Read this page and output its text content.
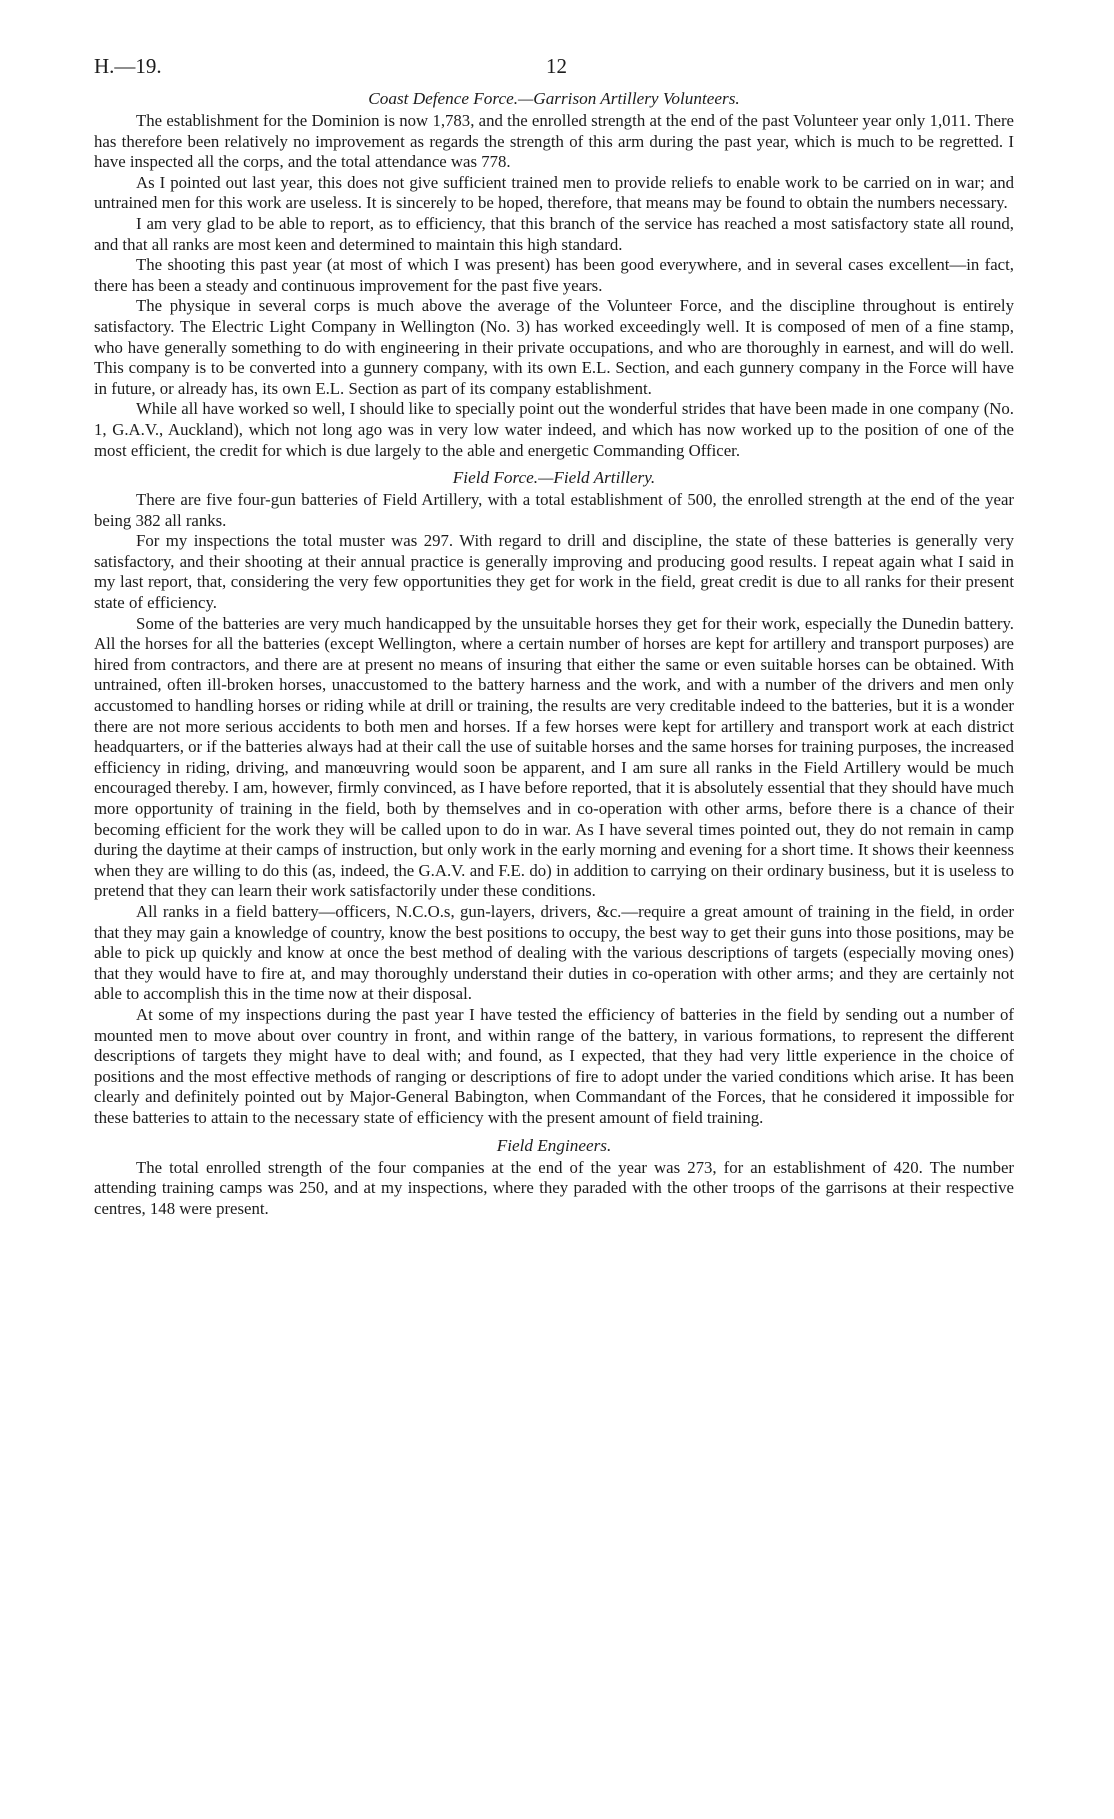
H.—19.	12
Coast Defence Force.—Garrison Artillery Volunteers.

The establishment for the Dominion is now 1,783, and the enrolled strength at the end of the past Volunteer year only 1,011. There has therefore been relatively no improvement as regards the strength of this arm during the past year, which is much to be regretted. I have inspected all the corps, and the total attendance was 778.

As I pointed out last year, this does not give sufficient trained men to provide reliefs to enable work to be carried on in war; and untrained men for this work are useless. It is sincerely to be hoped, therefore, that means may be found to obtain the numbers necessary.

I am very glad to be able to report, as to efficiency, that this branch of the service has reached a most satisfactory state all round, and that all ranks are most keen and determined to maintain this high standard.

The shooting this past year (at most of which I was present) has been good everywhere, and in several cases excellent—in fact, there has been a steady and continuous improvement for the past five years.

The physique in several corps is much above the average of the Volunteer Force, and the discipline throughout is entirely satisfactory. The Electric Light Company in Wellington (No. 3) has worked exceedingly well. It is composed of men of a fine stamp, who have generally something to do with engineering in their private occupations, and who are thoroughly in earnest, and will do well. This company is to be converted into a gunnery company, with its own E.L. Section, and each gunnery company in the Force will have in future, or already has, its own E.L. Section as part of its company establishment.

While all have worked so well, I should like to specially point out the wonderful strides that have been made in one company (No. 1, G.A.V., Auckland), which not long ago was in very low water indeed, and which has now worked up to the position of one of the most efficient, the credit for which is due largely to the able and energetic Commanding Officer.

Field Force.—Field Artillery.

There are five four-gun batteries of Field Artillery, with a total establishment of 500, the enrolled strength at the end of the year being 382 all ranks.

For my inspections the total muster was 297. With regard to drill and discipline, the state of these batteries is generally very satisfactory, and their shooting at their annual practice is generally improving and producing good results. I repeat again what I said in my last report, that, considering the very few opportunities they get for work in the field, great credit is due to all ranks for their present state of efficiency.

Some of the batteries are very much handicapped by the unsuitable horses they get for their work, especially the Dunedin battery. All the horses for all the batteries (except Wellington, where a certain number of horses are kept for artillery and transport purposes) are hired from contractors, and there are at present no means of insuring that either the same or even suitable horses can be obtained. With untrained, often ill-broken horses, unaccustomed to the battery harness and the work, and with a number of the drivers and men only accustomed to handling horses or riding while at drill or training, the results are very creditable indeed to the batteries, but it is a wonder there are not more serious accidents to both men and horses. If a few horses were kept for artillery and transport work at each district headquarters, or if the batteries always had at their call the use of suitable horses and the same horses for training purposes, the increased efficiency in riding, driving, and manœuvring would soon be apparent, and I am sure all ranks in the Field Artillery would be much encouraged thereby. I am, however, firmly convinced, as I have before reported, that it is absolutely essential that they should have much more opportunity of training in the field, both by themselves and in co-operation with other arms, before there is a chance of their becoming efficient for the work they will be called upon to do in war. As I have several times pointed out, they do not remain in camp during the daytime at their camps of instruction, but only work in the early morning and evening for a short time. It shows their keenness when they are willing to do this (as, indeed, the G.A.V. and F.E. do) in addition to carrying on their ordinary business, but it is useless to pretend that they can learn their work satisfactorily under these conditions.

All ranks in a field battery—officers, N.C.O.s, gun-layers, drivers, &c.—require a great amount of training in the field, in order that they may gain a knowledge of country, know the best positions to occupy, the best way to get their guns into those positions, may be able to pick up quickly and know at once the best method of dealing with the various descriptions of targets (especially moving ones) that they would have to fire at, and may thoroughly understand their duties in co-operation with other arms; and they are certainly not able to accomplish this in the time now at their disposal.

At some of my inspections during the past year I have tested the efficiency of batteries in the field by sending out a number of mounted men to move about over country in front, and within range of the battery, in various formations, to represent the different descriptions of targets they might have to deal with; and found, as I expected, that they had very little experience in the choice of positions and the most effective methods of ranging or descriptions of fire to adopt under the varied conditions which arise. It has been clearly and definitely pointed out by Major-General Babington, when Commandant of the Forces, that he considered it impossible for these batteries to attain to the necessary state of efficiency with the present amount of field training.

Field Engineers.

The total enrolled strength of the four companies at the end of the year was 273, for an establishment of 420. The number attending training camps was 250, and at my inspections, where they paraded with the other troops of the garrisons at their respective centres, 148 were present.
